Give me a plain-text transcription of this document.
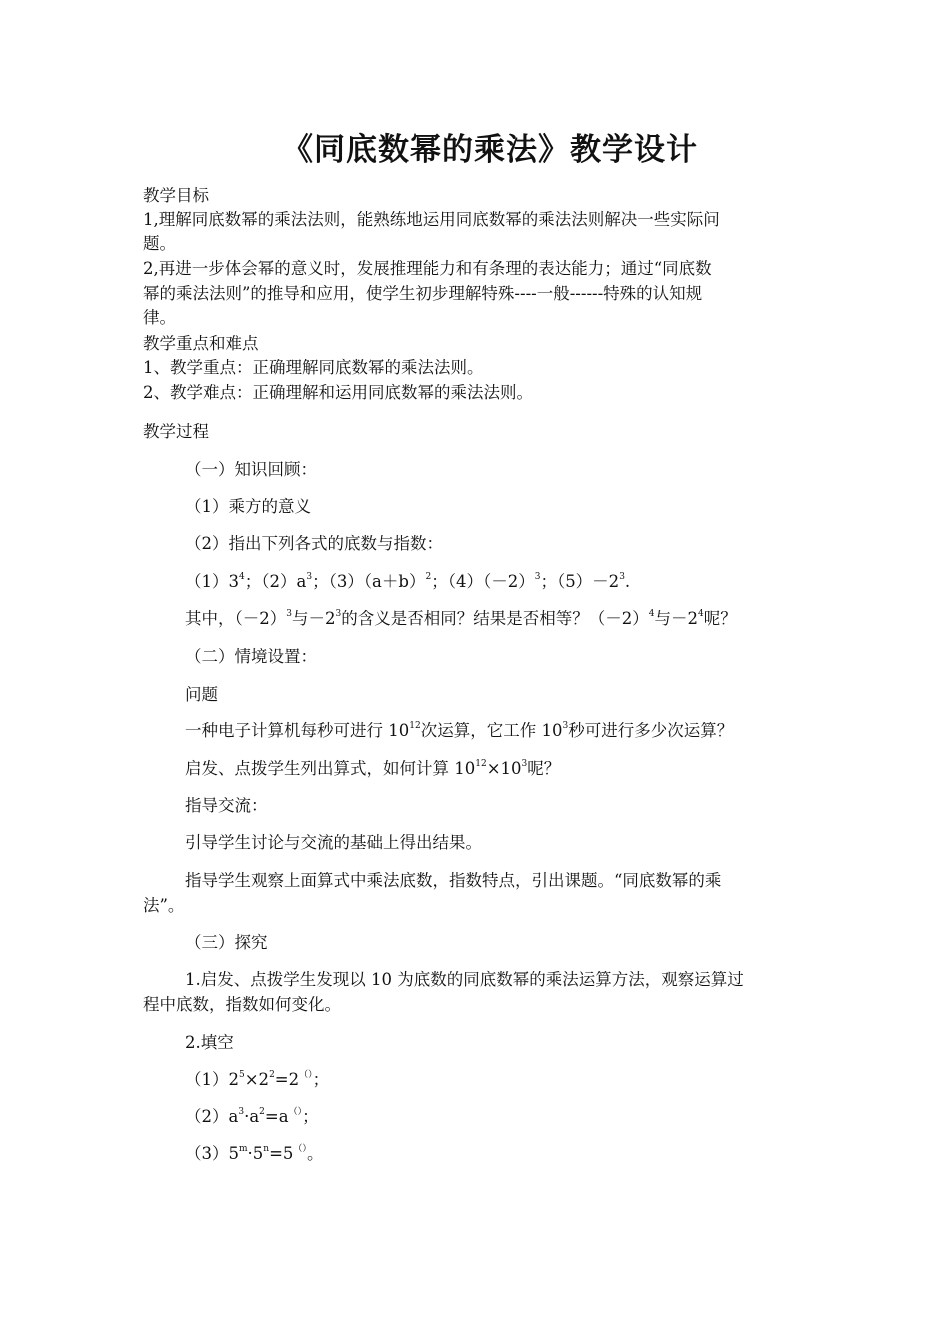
《同底数幂的乘法》教学设计
教学目标
1,理解同底数幂的乘法法则，能熟练地运用同底数幂的乘法法则解决一些实际问
题。
2,再进一步体会幂的意义时，发展推理能力和有条理的表达能力；通过“同底数
幂的乘法法则”的推导和应用，使学生初步理解特殊----一般------特殊的认知规
律。
教学重点和难点
1、教学重点：正确理解同底数幂的乘法法则。
2、教学难点：正确理解和运用同底数幂的乘法法则。
教学过程
（一）知识回顾：
（1）乘方的意义
（2）指出下列各式的底数与指数：
$(1)3^4$；$(2)a^3$；$(3)(a+b)^2$；$(4)(-2)^3$；$(5)-2^3$.
其中，$(-2)^3$与$-2^3$的含义是否相同？结果是否相等？$(-2)^4$与$-2^4$呢？
（二）情境设置：
问题
一种电子计算机每秒可进行 $10^{12}$次运算，它工作 $10^3$秒可进行多少次运算？
启发、点拨学生列出算式，如何计算 $10^{12}\times 10^3$呢？
指导交流：
引导学生讨论与交流的基础上得出结果。
指导学生观察上面算式中乘法底数，指数特点，引出课题。“同底数幂的乘
法”。
（三）探究
1.启发、点拨学生发现以 10 为底数的同底数幂的乘法运算方法，观察运算过
程中底数，指数如何变化。
2.填空
$(1)2^5\times 2^2=2^{()}$；
$(2)a^3\cdot a^2=a^{()}$；
$(3)5^m\cdot 5^n=5^{()}$。
